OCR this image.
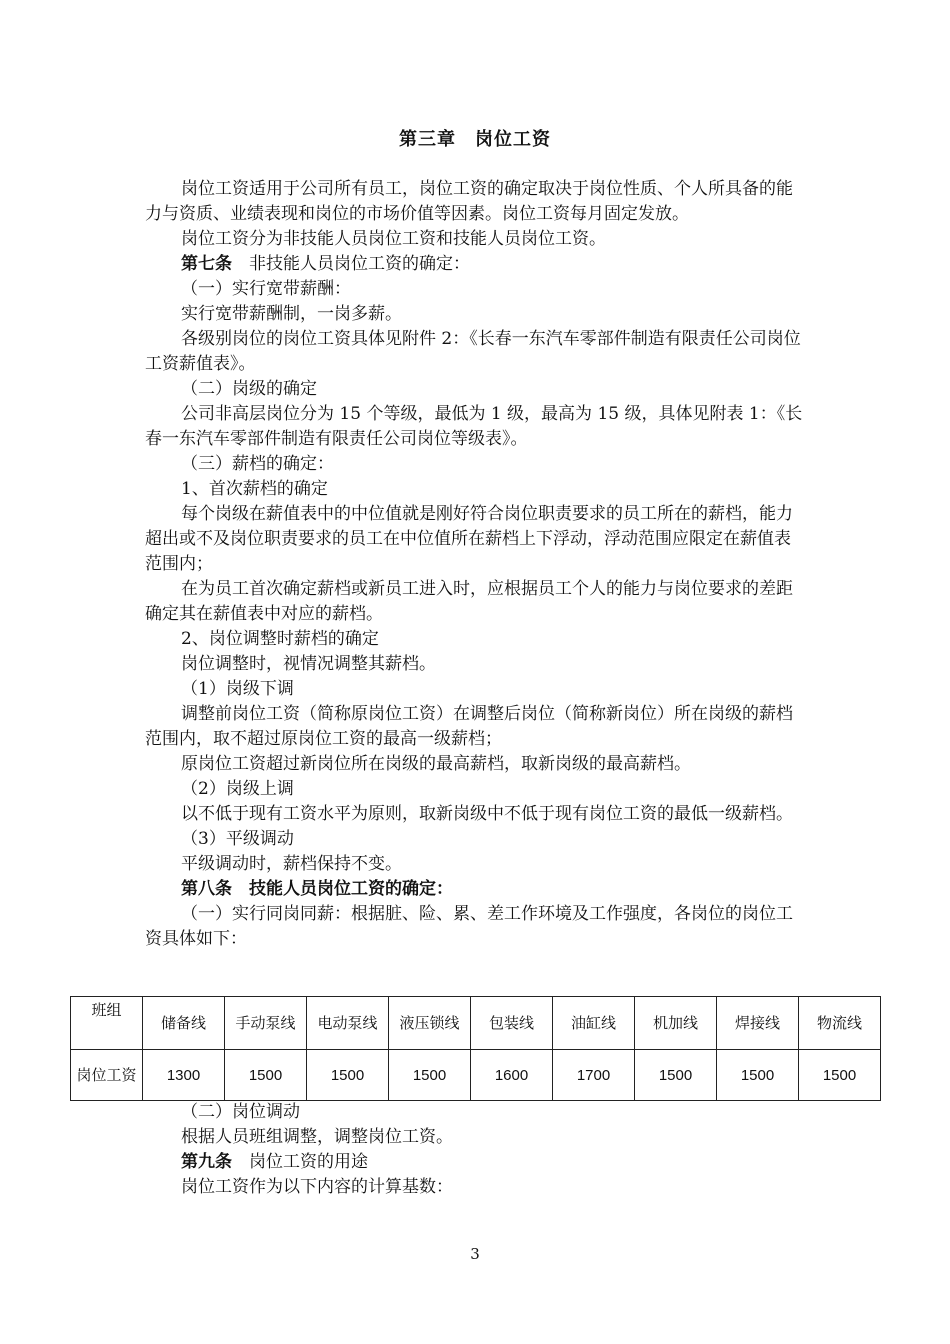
第三章　岗位工资

岗位工资适用于公司所有员工，岗位工资的确定取决于岗位性质、个人所具备的能力与资质、业绩表现和岗位的市场价值等因素。岗位工资每月固定发放。

岗位工资分为非技能人员岗位工资和技能人员岗位工资。

第七条　非技能人员岗位工资的确定：

（一）实行宽带薪酬：

实行宽带薪酬制，一岗多薪。

各级别岗位的岗位工资具体见附件 2：《长春一东汽车零部件制造有限责任公司岗位工资薪值表》。

（二）岗级的确定

公司非高层岗位分为 15 个等级，最低为 1 级，最高为 15 级，具体见附表 1：《长春一东汽车零部件制造有限责任公司岗位等级表》。

（三）薪档的确定：

1、首次薪档的确定

每个岗级在薪值表中的中位值就是刚好符合岗位职责要求的员工所在的薪档，能力超出或不及岗位职责要求的员工在中位值所在薪档上下浮动，浮动范围应限定在薪值表范围内；

在为员工首次确定薪档或新员工进入时，应根据员工个人的能力与岗位要求的差距确定其在薪值表中对应的薪档。

2、岗位调整时薪档的确定

岗位调整时，视情况调整其薪档。

（1）岗级下调

调整前岗位工资（简称原岗位工资）在调整后岗位（简称新岗位）所在岗级的薪档范围内，取不超过原岗位工资的最高一级薪档；

原岗位工资超过新岗位所在岗级的最高薪档，取新岗级的最高薪档。

（2）岗级上调

以不低于现有工资水平为原则，取新岗级中不低于现有岗位工资的最低一级薪档。

（3）平级调动

平级调动时，薪档保持不变。

第八条　技能人员岗位工资的确定：

（一）实行同岗同薪：根据脏、险、累、差工作环境及工作强度，各岗位的岗位工资具体如下：

班组	储备线	手动泵线	电动泵线	液压锁线	包装线	油缸线	机加线	焊接线	物流线
岗位工资	1300	1500	1500	1500	1600	1700	1500	1500	1500

（二）岗位调动

根据人员班组调整，调整岗位工资。

第九条　岗位工资的用途

岗位工资作为以下内容的计算基数：

3
